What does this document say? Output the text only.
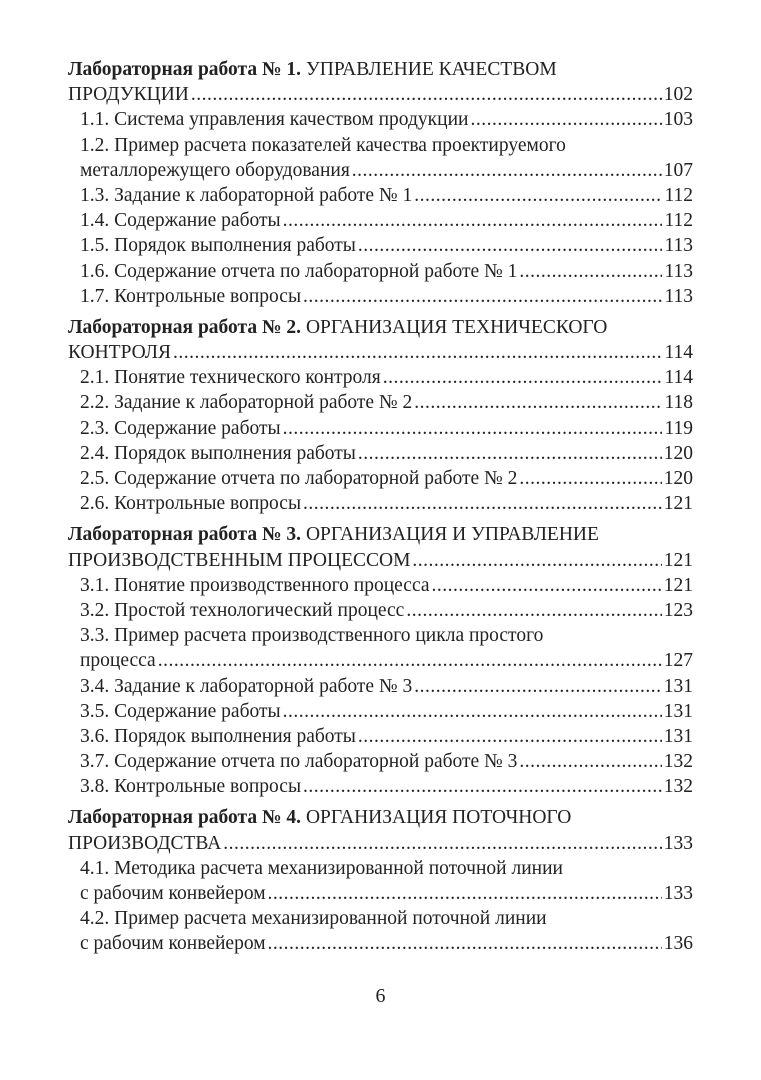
Лабораторная работа № 1. УПРАВЛЕНИЕ КАЧЕСТВОМ
ПРОДУКЦИИ .....	102
1.1. Система управления качеством продукции .....	103
1.2. Пример расчета показателей качества проектируемого
металлорежущего оборудования .....	107
1.3. Задание к лабораторной работе № 1 .....	112
1.4. Содержание работы .....	112
1.5. Порядок выполнения работы .....	113
1.6. Содержание отчета по лабораторной работе № 1 .....	113
1.7. Контрольные вопросы .....	113
Лабораторная работа № 2. ОРГАНИЗАЦИЯ ТЕХНИЧЕСКОГО
КОНТРОЛЯ .....	114
2.1. Понятие технического контроля .....	114
2.2. Задание к лабораторной работе № 2 .....	118
2.3. Содержание работы .....	119
2.4. Порядок выполнения работы .....	120
2.5. Содержание отчета по лабораторной работе № 2 .....	120
2.6. Контрольные вопросы .....	121
Лабораторная работа № 3. ОРГАНИЗАЦИЯ И УПРАВЛЕНИЕ
ПРОИЗВОДСТВЕННЫМ ПРОЦЕССОМ .....	121
3.1. Понятие производственного процесса .....	121
3.2. Простой технологический процесс .....	123
3.3. Пример расчета производственного цикла простого
процесса .....	127
3.4. Задание к лабораторной работе № 3 .....	131
3.5. Содержание работы .....	131
3.6. Порядок выполнения работы .....	131
3.7. Содержание отчета по лабораторной работе № 3 .....	132
3.8. Контрольные вопросы .....	132
Лабораторная работа № 4. ОРГАНИЗАЦИЯ ПОТОЧНОГО
ПРОИЗВОДСТВА .....	133
4.1. Методика расчета механизированной поточной линии
с рабочим конвейером .....	133
4.2. Пример расчета механизированной поточной линии
с рабочим конвейером .....	136
6
